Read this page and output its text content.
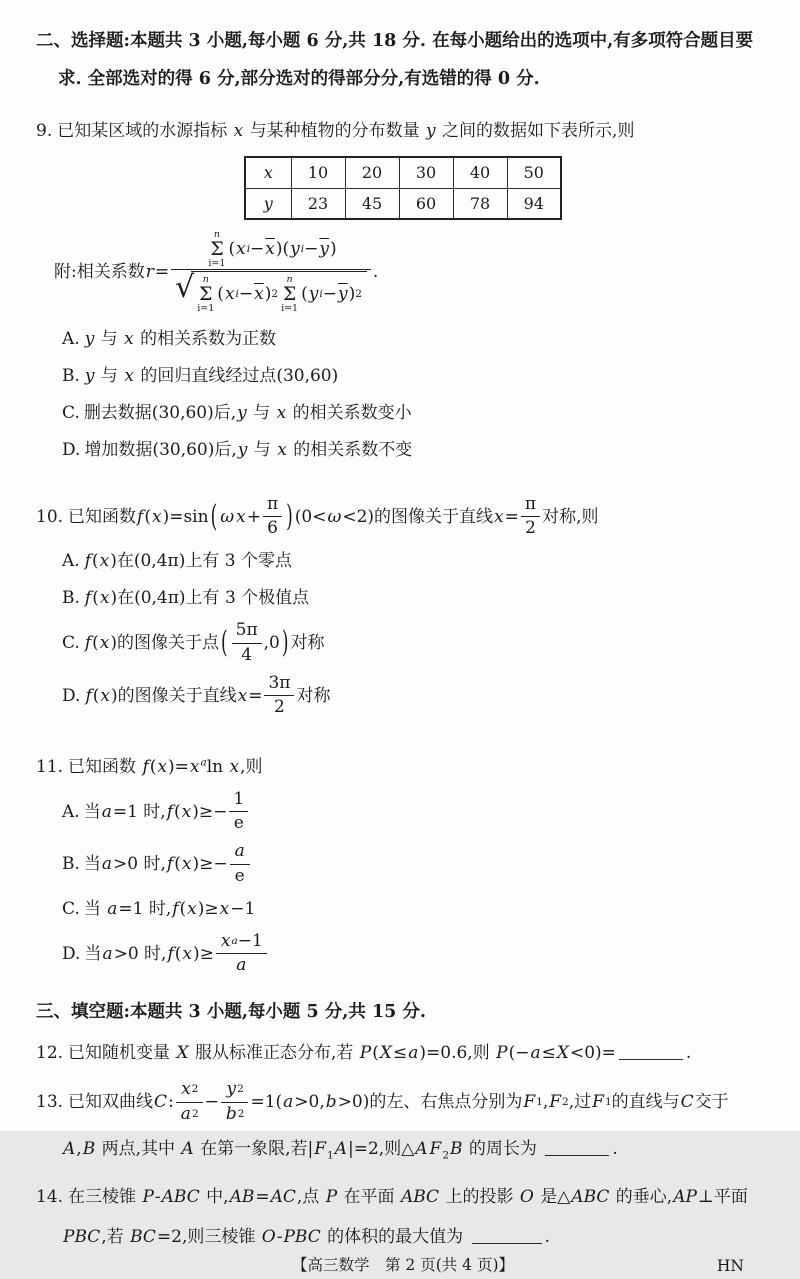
二、选择题:本题共 3 小题,每小题 6 分,共 18 分. 在每小题给出的选项中,有多项符合题目要
求. 全部选对的得 6 分,部分选对的得部分分,有选错的得 0 分.
9. 已知某区域的水源指标 x 与某种植物的分布数量 y 之间的数据如下表所示,则
x	10	20	30	40	50
y	23	45	60	78	94
附:相关系数 r = n
Σ
i=1
( x $i - \overline{x}$ )( y $i - \overline{y}$ )
√ n
Σ
i=1
( x $i - \overline{x}$ ) 2
n
Σ
i=1
( y $i - \overline{y}$ ) 2 .
A. y 与 x 的相关系数为正数
B. y 与 x 的回归直线经过点(30,60)
C. 删去数据(30,60)后,y 与 x 的相关系数变小
D. 增加数据(30,60)后,y 与 x 的相关系数不变
10. 已知函数 f ( x )=sin ( ω $x + \frac{\pi}{6}$ ) (0< ω <2)的图像关于直线 $x = \frac{\pi}{2}$ 对称,则
A. f(x)在(0,4π)上有 3 个零点
B. f(x)在(0,4π)上有 3 个极值点
C. f ( x )的图像关于点 ( $\frac{5\pi}{4} ,0$ ) 对称
D. f ( x )的图像关于直线 $x = \frac{3\pi}{2}$ 对称
11. 已知函数 $f(x)=x^a\ln$ x,则
A. 当 a =1 时, f ( x )≥− $\frac{1}{e}$
B. 当 a >0 时, f ( x )≥− $\frac{a}{e}$
C. 当 a=1 时,f(x)≥x−1
D. 当 a >0 时, f ( x )≥ $\frac{\text{x a −1}}{a}$
三、填空题:本题共 3 小题,每小题 5 分,共 15 分.
12. 已知随机变量 X 服从标准正态分布,若 P(X≤a)=0.6,则 P(−a≤X<0)=	.
13. 已知双曲线 C : $\frac{x 2}{a 2} - \frac{y 2}{b 2} =1$( a >0, b >0)的左、右焦点分别为 F 1 , F 2 ,过 F 1 的直线与 C 交于
A,B 两点,其中 A 在第一象限,若$|F_1A|=2$,则△A $F_2B$ 的周长为	.
14. 在三棱锥 P-ABC 中,AB=AC,点 P 在平面 ABC 上的投影 O 是△ABC 的垂心,AP⊥平面
PBC,若 BC=2,则三棱锥 O-PBC 的体积的最大值为	.
【高三数学　第 2 页(共 4 页)】	HN
